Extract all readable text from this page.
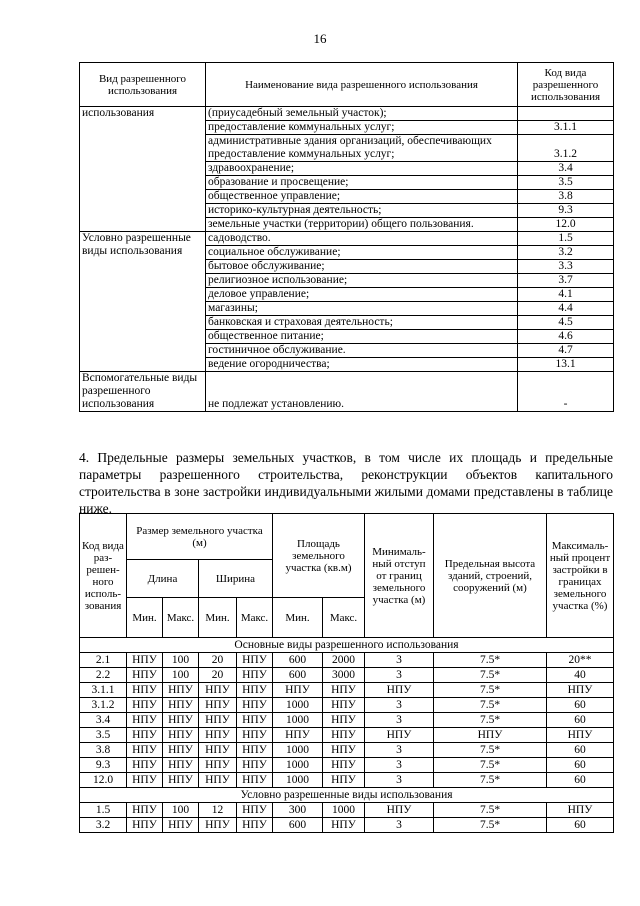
16
Вид разрешенного использования	Наименование вида разрешенного использования	Код вида разрешенного использования
использования	(приусадебный земельный участок);	
	предоставление коммунальных услуг;	3.1.1
	административные здания организаций, обеспечивающих предоставление коммунальных услуг;	3.1.2
	здравоохранение;	3.4
	образование и просвещение;	3.5
	общественное управление;	3.8
	историко-культурная деятельность;	9.3
	земельные участки (территории) общего пользования.	12.0
Условно разрешенные виды использования	садоводство.	1.5
	социальное обслуживание;	3.2
	бытовое обслуживание;	3.3
	религиозное использование;	3.7
	деловое управление;	4.1
	магазины;	4.4
	банковская и страховая деятельность;	4.5
	общественное питание;	4.6
	гостиничное обслуживание.	4.7
	ведение огородничества;	13.1
Вспомогательные виды разрешенного использования	не подлежат установлению.	-
4. Предельные размеры земельных участков, в том числе их площадь и предельные параметры разрешенного строительства, реконструкции объектов капитального строительства в зоне застройки индивидуальными жилыми домами представлены в таблице ниже.
Код вида раз-решен-ного исполь-зования	Размер земельного участка (м)				Площадь земельного участка (кв.м)		Минималь-ный отступ от границ земельного участка (м)	Предельная высота зданий, строений, сооружений (м)	Максималь-ный процент застройки в границах земельного участка (%)
	Длина		Ширина						
	Мин.	Макс.	Мин.	Макс.	Мин.	Макс.			
Основные виды разрешенного использования									
2.1	НПУ	100	20	НПУ	600	2000	3	7.5*	20**
2.2	НПУ	100	20	НПУ	600	3000	3	7.5*	40
3.1.1	НПУ	НПУ	НПУ	НПУ	НПУ	НПУ	НПУ	7.5*	НПУ
3.1.2	НПУ	НПУ	НПУ	НПУ	1000	НПУ	3	7.5*	60
3.4	НПУ	НПУ	НПУ	НПУ	1000	НПУ	3	7.5*	60
3.5	НПУ	НПУ	НПУ	НПУ	НПУ	НПУ	НПУ	НПУ	НПУ
3.8	НПУ	НПУ	НПУ	НПУ	1000	НПУ	3	7.5*	60
9.3	НПУ	НПУ	НПУ	НПУ	1000	НПУ	3	7.5*	60
12.0	НПУ	НПУ	НПУ	НПУ	1000	НПУ	3	7.5*	60
Условно разрешенные виды использования									
1.5	НПУ	100	12	НПУ	300	1000	НПУ	7.5*	НПУ
3.2	НПУ	НПУ	НПУ	НПУ	600	НПУ	3	7.5*	60
